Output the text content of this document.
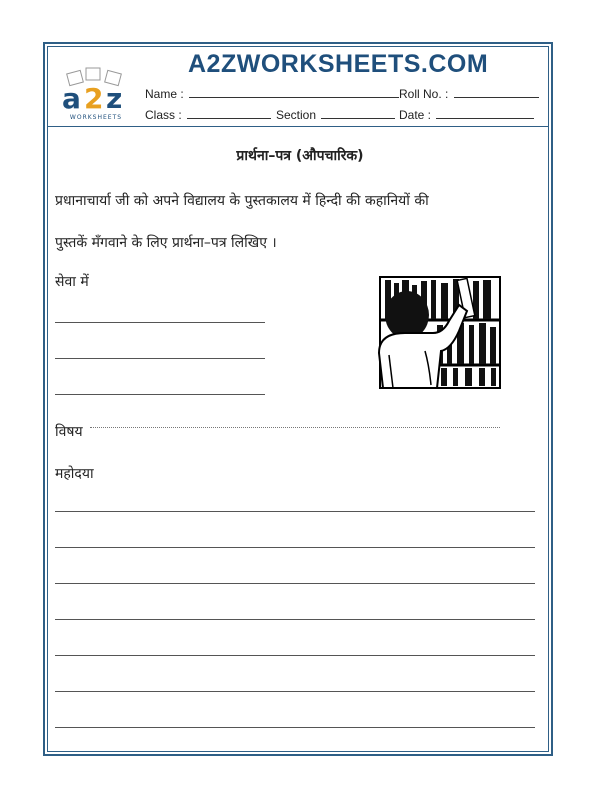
a 2 z
WORKSHEETS
A2ZWORKSHEETS.COM
Name :	Roll No. :
Class :	Section	Date :
प्रार्थना–पत्र (औपचारिक)
प्रधानाचार्या जी को अपने विद्यालय के पुस्तकालय में हिन्दी की कहानियों की
पुस्तकें मँगवाने के लिए प्रार्थना–पत्र लिखिए ।
सेवा में
विषय
महोदया
